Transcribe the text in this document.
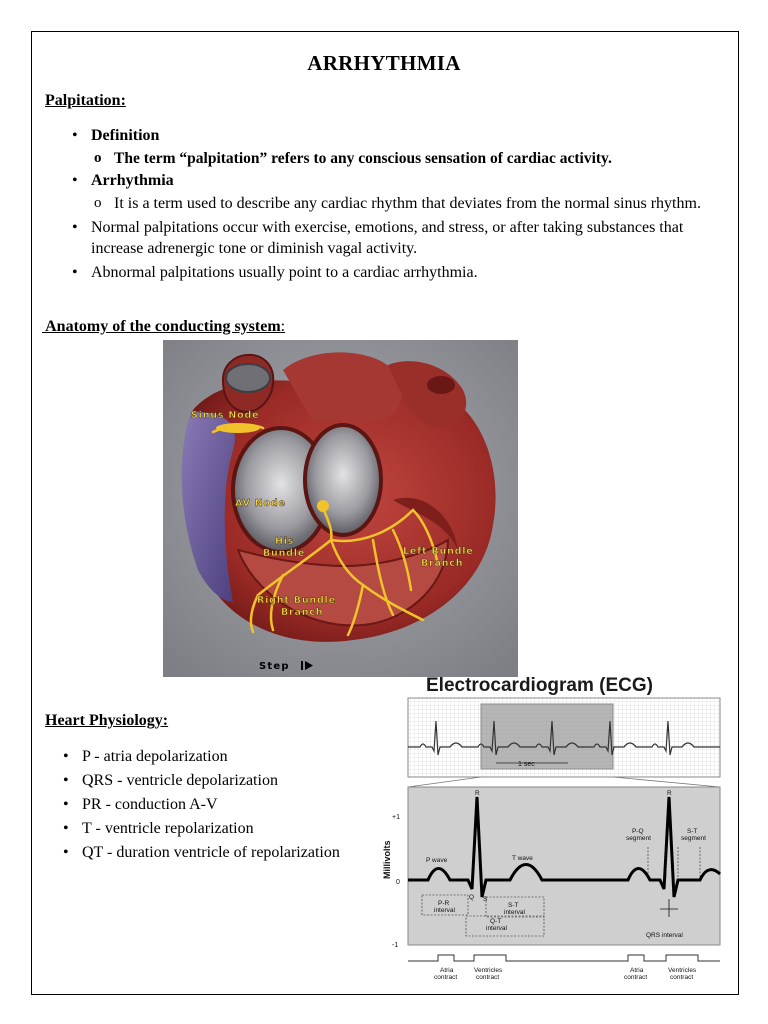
ARRHYTHMIA
Palpitation:
• Definition
o The term “palpitation” refers to any conscious sensation of cardiac activity.
• Arrhythmia
o It is a term used to describe any cardiac rhythm that deviates from the normal sinus rhythm.
• Normal palpitations occur with exercise, emotions, and stress, or after taking substances that increase adrenergic tone or diminish vagal activity.
• Abnormal palpitations usually point to a cardiac arrhythmia.
Anatomy of the conducting system:
Sinus Node
AV Node
His
Bundle	Left Bundle
Branch
Right Bundle
Branch
Step
Heart Physiology:
• P - atria depolarization
• QRS - ventricle depolarization
• PR - conduction A-V
• T - ventricle repolarization
• QT - duration ventricle of repolarization
Electrocardiogram (ECG)
1 sec
+1
0
-1
Millivolts
R	R
P wave	T wave
Q S
P-R
interval
S-T
interval
Q-T
interval
P-Q
segment
S-T
segment
QRS interval
Atria
contract
Ventricles
contract
Atria
contract
Ventricles
contract
